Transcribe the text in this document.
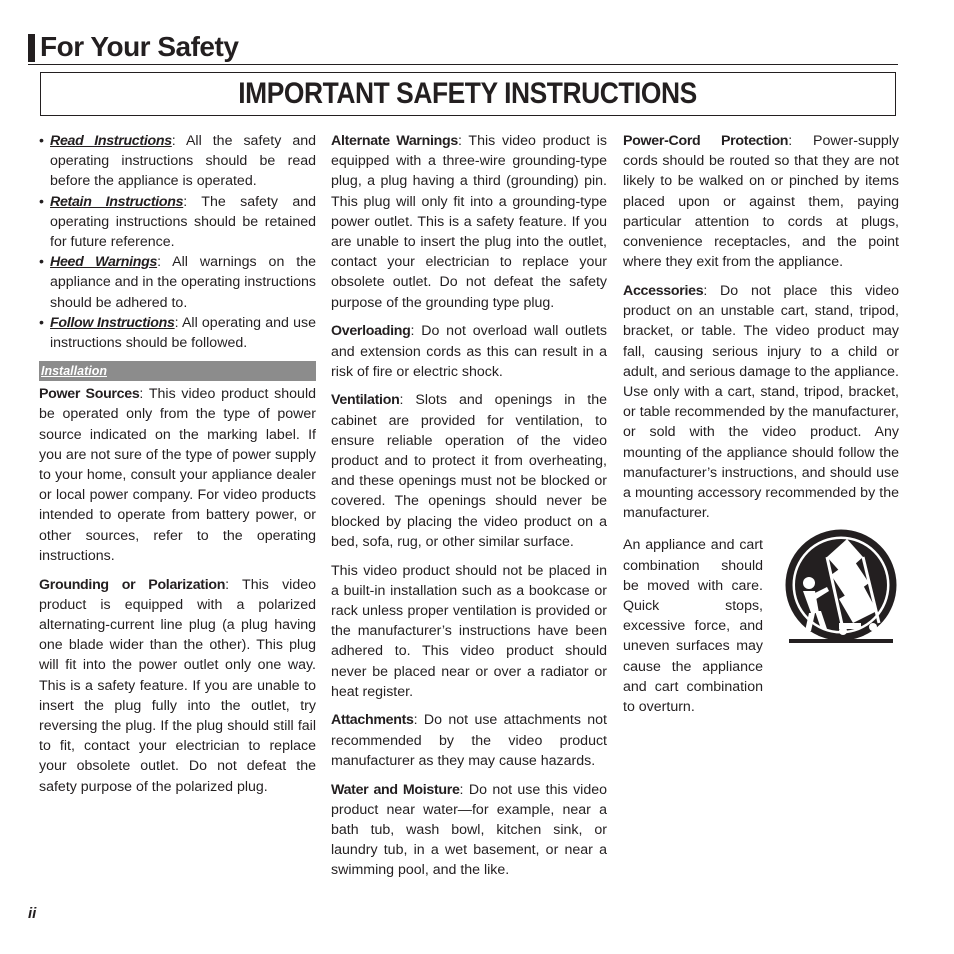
For Your Safety
IMPORTANT SAFETY INSTRUCTIONS
• Read Instructions: All the safety and operating instructions should be read before the appliance is operated.
• Retain Instructions: The safety and operating instructions should be retained for future reference.
• Heed Warnings: All warnings on the appliance and in the operating instructions should be adhered to.
• Follow Instructions: All operating and use instructions should be followed.
Installation

Power Sources: This video product should be operated only from the type of power source indicated on the marking label. If you are not sure of the type of power supply to your home, consult your appliance dealer or local power company. For video products intended to operate from battery power, or other sources, refer to the operating instructions.

Grounding or Polarization: This video product is equipped with a polarized alternating-current line plug (a plug having one blade wider than the other). This plug will fit into the power outlet only one way. This is a safety feature. If you are unable to insert the plug fully into the outlet, try reversing the plug. If the plug should still fail to fit, contact your electrician to replace your obsolete outlet. Do not defeat the safety purpose of the polarized plug.

Alternate Warnings: This video product is equipped with a three-wire grounding-type plug, a plug having a third (grounding) pin. This plug will only fit into a grounding-type power outlet. This is a safety feature. If you are unable to insert the plug into the outlet, contact your electrician to replace your obsolete outlet. Do not defeat the safety purpose of the grounding type plug.

Overloading: Do not overload wall outlets and extension cords as this can result in a risk of fire or electric shock.

Ventilation: Slots and openings in the cabinet are provided for ventilation, to ensure reliable operation of the video product and to protect it from overheating, and these openings must not be blocked or covered. The openings should never be blocked by placing the video product on a bed, sofa, rug, or other similar surface.

This video product should not be placed in a built-in installation such as a bookcase or rack unless proper ventilation is provided or the manufacturer’s instructions have been adhered to. This video product should never be placed near or over a radiator or heat register.

Attachments: Do not use attachments not recommended by the video product manufacturer as they may cause hazards.

Water and Moisture: Do not use this video product near water—for example, near a bath tub, wash bowl, kitchen sink, or laundry tub, in a wet basement, or near a swimming pool, and the like.

Power-Cord Protection: Power-supply cords should be routed so that they are not likely to be walked on or pinched by items placed upon or against them, paying particular attention to cords at plugs, convenience receptacles, and the point where they exit from the appliance.

Accessories: Do not place this video product on an unstable cart, stand, tripod, bracket, or table. The video product may fall, causing serious injury to a child or adult, and serious damage to the appliance. Use only with a cart, stand, tripod, bracket, or table recommended by the manufacturer, or sold with the video product. Any mounting of the appliance should follow the manufacturer’s instructions, and should use a mounting accessory recommended by the manufacturer.

An appliance and cart combination should be moved with care. Quick stops, excessive force, and uneven surfaces may cause the appliance and cart combination to overturn.
ii
